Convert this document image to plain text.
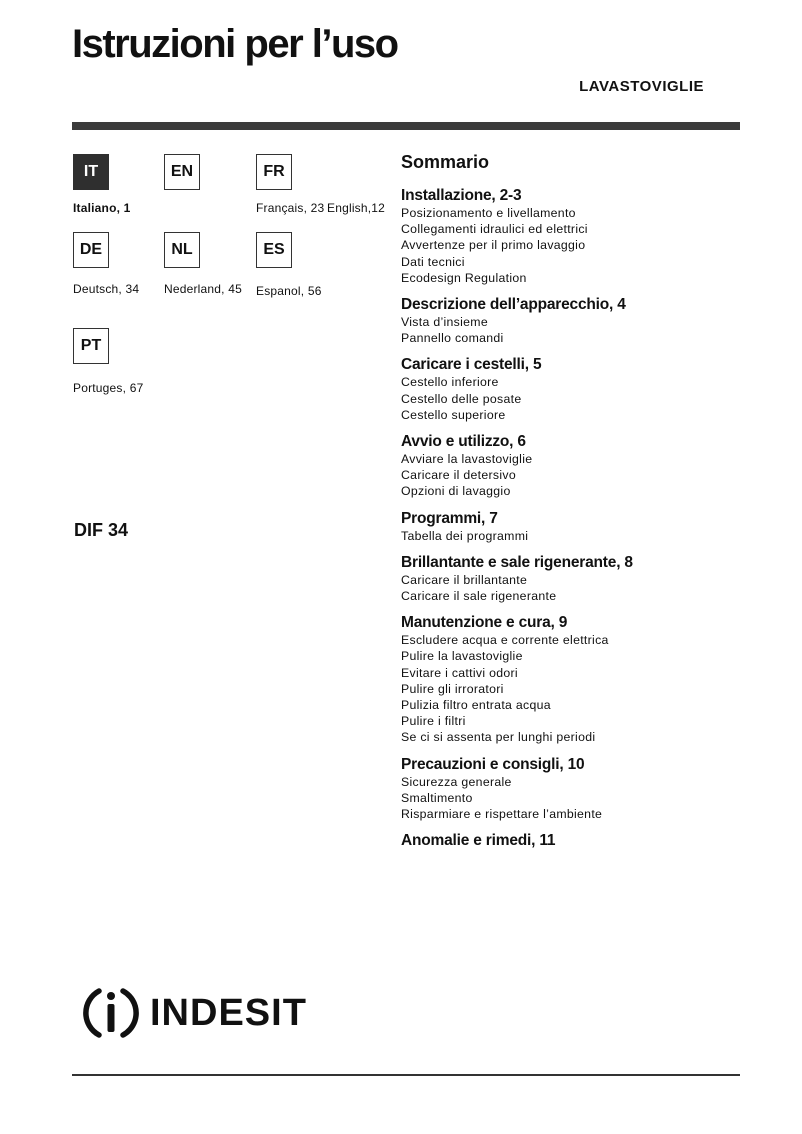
Istruzioni per l’uso
LAVASTOVIGLIE
IT	EN	FR
Italiano, 1	Français, 23 English,12
DE	NL	ES
Deutsch, 34 Nederland, 45 Espanol, 56
PT
Portuges, 67
DIF 34
Sommario
Installazione, 2-3
Posizionamento e livellamento
Collegamenti idraulici ed elettrici
Avvertenze per il primo lavaggio
Dati tecnici
Ecodesign Regulation
Descrizione dell’apparecchio, 4
Vista d’insieme
Pannello comandi
Caricare i cestelli, 5
Cestello inferiore
Cestello delle posate
Cestello superiore
Avvio e utilizzo, 6
Avviare la lavastoviglie
Caricare il detersivo
Opzioni di lavaggio
Programmi, 7
Tabella dei programmi
Brillantante e sale rigenerante, 8
Caricare il brillantante
Caricare il sale rigenerante
Manutenzione e cura, 9
Escludere acqua e corrente elettrica
Pulire la lavastoviglie
Evitare i cattivi odori
Pulire gli irroratori
Pulizia filtro entrata acqua
Pulire i filtri
Se ci si assenta per lunghi periodi
Precauzioni e consigli, 10
Sicurezza generale
Smaltimento
Risparmiare e rispettare l’ambiente
Anomalie e rimedi, 11
INDESIT
